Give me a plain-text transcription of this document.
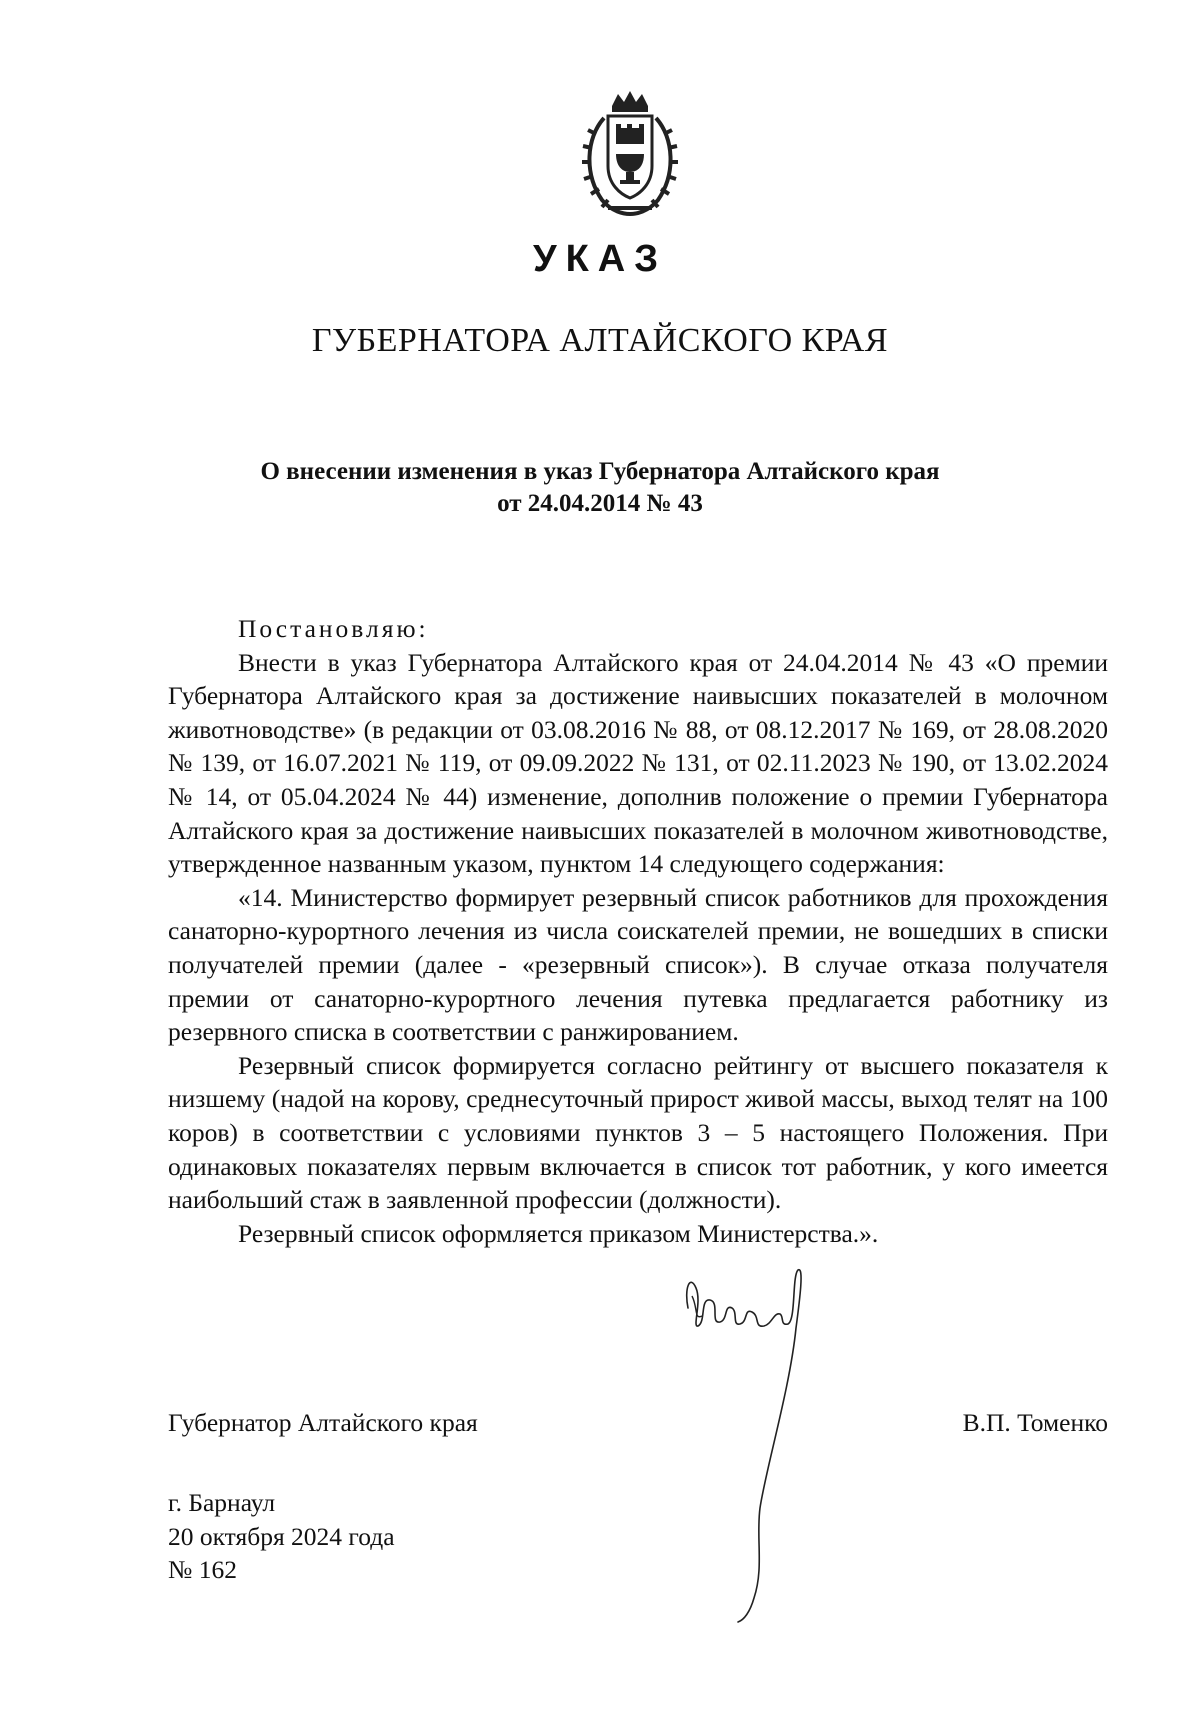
УКАЗ
ГУБЕРНАТОРА АЛТАЙСКОГО КРАЯ
О внесении изменения в указ Губернатора Алтайского края
от 24.04.2014 № 43

Постановляю:

Внести в указ Губернатора Алтайского края от 24.04.2014 № 43 «О премии Губернатора Алтайского края за достижение наивысших показателей в молочном животноводстве» (в редакции от 03.08.2016 № 88, от 08.12.2017 № 169, от 28.08.2020 № 139, от 16.07.2021 № 119, от 09.09.2022 № 131, от 02.11.2023 № 190, от 13.02.2024 № 14, от 05.04.2024 № 44) изменение, дополнив положение о премии Губернатора Алтайского края за достижение наивысших показателей в молочном животноводстве, утвержденное названным указом, пунктом 14 следующего содержания:

«14. Министерство формирует резервный список работников для прохождения санаторно-курортного лечения из числа соискателей премии, не вошедших в списки получателей премии (далее - «резервный список»). В случае отказа получателя премии от санаторно-курортного лечения путевка предлагается работнику из резервного списка в соответствии с ранжированием.

Резервный список формируется согласно рейтингу от высшего показателя к низшему (надой на корову, среднесуточный прирост живой массы, выход телят на 100 коров) в соответствии с условиями пунктов 3 – 5 настоящего Положения. При одинаковых показателях первым включается в список тот работник, у кого имеется наибольший стаж в заявленной профессии (должности).

Резервный список оформляется приказом Министерства.».

Губернатор Алтайского края	В.П. Томенко
г. Барнаул
20 октября 2024 года
№ 162
